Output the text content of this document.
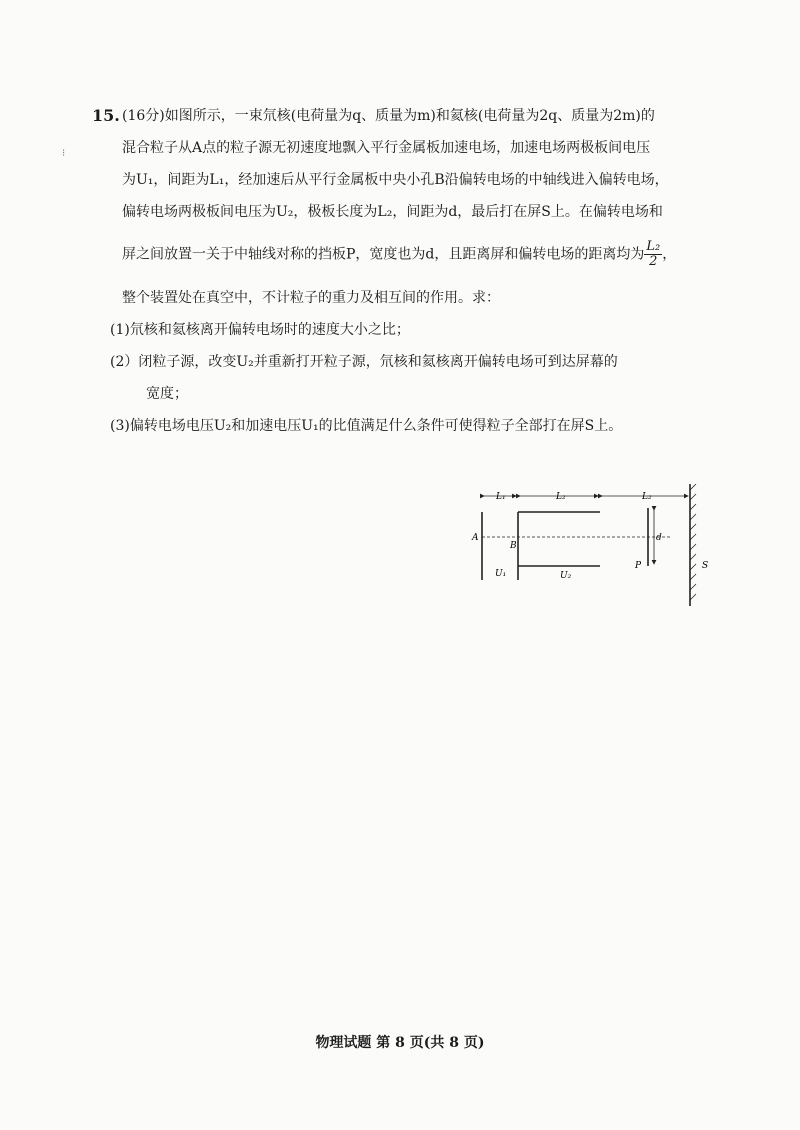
⁝
15. (16分)如图所示，一束氘核(电荷量为q、质量为m)和氦核(电荷量为2q、质量为2m)的
混合粒子从A点的粒子源无初速度地飘入平行金属板加速电场，加速电场两极板间电压
为U₁，间距为L₁，经加速后从平行金属板中央小孔B沿偏转电场的中轴线进入偏转电场，
偏转电场两极板间电压为U₂，极板长度为L₂，间距为d，最后打在屏S上。在偏转电场和
屏之间放置一关于中轴线对称的挡板P，宽度也为d，且距离屏和偏转电场的距离均为 $\frac{\text{L₂}}{2}$ ，
整个装置处在真空中，不计粒子的重力及相互间的作用。求：
(1)氘核和氦核离开偏转电场时的速度大小之比；
(2）闭粒子源，改变U₂并重新打开粒子源，氘核和氦核离开偏转电场可到达屏幕的
宽度；
(3)偏转电场电压U₂和加速电压U₁的比值满足什么条件可使得粒子全部打在屏S上。
L₁	L₂	L₂
A
B
d
P	S
U₁	U₂
物理试题 第 8 页(共 8 页)
